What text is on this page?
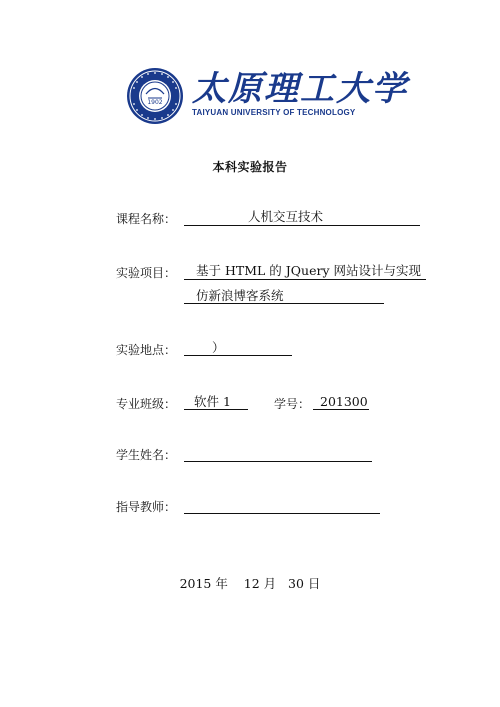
1902 太原理工大学
TAIYUAN UNIVERSITY OF TECHNOLOGY
本科实验报告
课程名称：	人机交互技术
实验项目： 基于 HTML 的 JQuery 网站设计与实现
仿新浪博客系统
实验地点：	）
专业班级： 软件 1	学号： 201300
学生姓名：
指导教师：
2015 年    12 月   30 日
